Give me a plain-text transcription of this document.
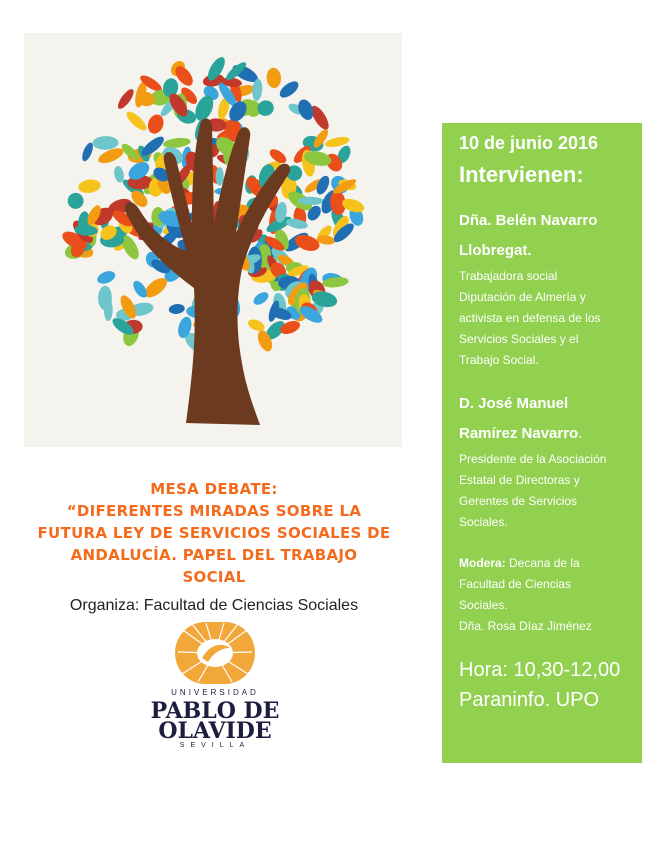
MESA DEBATE:
“DIFERENTES MIRADAS SOBRE LA
FUTURA LEY DE SERVICIOS SOCIALES DE
ANDALUCÍA. PAPEL DEL TRABAJO
SOCIAL
Organiza: Facultad de Ciencias Sociales
UNIVERSIDAD
PABLO DE
OLAVIDE
SEVILLA
10 de junio 2016
Intervienen:
Dña. Belén Navarro
Llobregat.
Trabajadora social
Diputación de Almería y
activista en defensa de los
Servicios Sociales y el
Trabajo Social.
D. José Manuel
Ramírez Navarro.
Presidente de la Asociación
Estatal de Directoras y
Gerentes de Servicios
Sociales.
Modera: Decana de la
Facultad de Ciencias
Sociales.
Dña. Rosa Díaz Jiménez
Hora: 10,30-12,00
Paraninfo. UPO
